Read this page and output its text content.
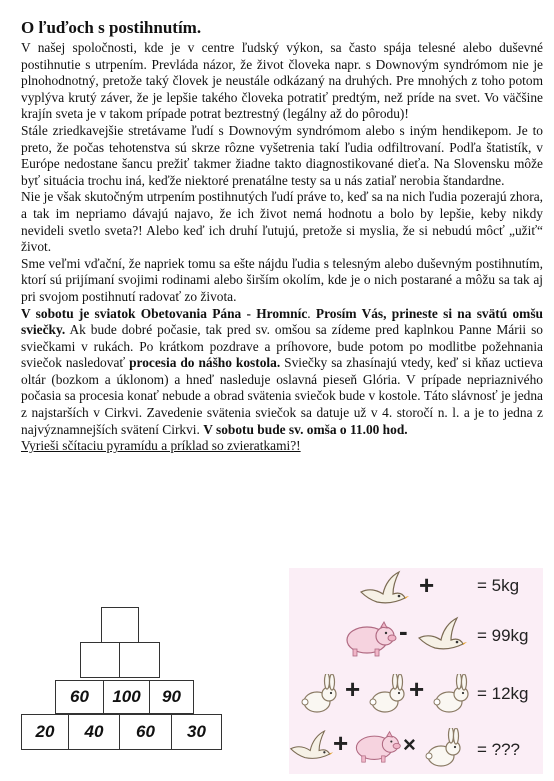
O ľuďoch s postihnutím.

V našej spoločnosti, kde je v centre ľudský výkon, sa často spája telesné alebo duševné postihnutie s utrpením. Prevláda názor, že život človeka napr. s Downovým syndrómom nie je plnohodnotný, pretože taký človek je neustále odkázaný na druhých. Pre mnohých z toho potom vyplýva krutý záver, že je lepšie takého človeka potratiť predtým, než príde na svet. Vo väčšine krajín sveta je v takom prípade potrat beztrestný (legálny až do pôrodu)!

Stále zriedkavejšie stretávame ľudí s Downovým syndrómom alebo s iným hendikepom. Je to preto, že počas tehotenstva sú skrze rôzne vyšetrenia takí ľudia odfiltrovaní. Podľa štatistík, v Európe nedostane šancu prežiť takmer žiadne takto diagnostikované dieťa. Na Slovensku môže byť situácia trochu iná, keďže niektoré prenatálne testy sa u nás zatiaľ nerobia štandardne.

Nie je však skutočným utrpením postihnutých ľudí práve to, keď sa na nich ľudia pozerajú zhora, a tak im nepriamo dávajú najavo, že ich život nemá hodnotu a bolo by lepšie, keby nikdy nevideli svetlo sveta?! Alebo keď ich druhí ľutujú, pretože si myslia, že si nebudú môcť „užiť“ život.

Sme veľmi vďační, že napriek tomu sa ešte nájdu ľudia s telesným alebo duševným postihnutím, ktorí sú prijímaní svojimi rodinami alebo širším okolím, kde je o nich postarané a môžu sa tak aj pri svojom postihnutí radovať zo života.

V sobotu je sviatok Obetovania Pána - Hromníc. Prosím Vás, prineste si na svätú omšu sviečky. Ak bude dobré počasie, tak pred sv. omšou sa zídeme pred kaplnkou Panne Márii so sviečkami v rukách. Po krátkom pozdrave a príhovore, bude potom po modlitbe požehnania sviečok nasledovať procesia do nášho kostola. Sviečky sa zhasínajú vtedy, keď si kňaz uctieva oltár (bozkom a úklonom) a hneď nasleduje oslavná pieseň Glória. V prípade nepriaznivého počasia sa procesia konať nebude a obrad svätenia sviečok bude v kostole. Táto slávnosť je jedna z najstarších v Cirkvi. Zavedenie svätenia sviečok sa datuje už v 4. storočí n. l. a je to jedna z najvýznamnejších svätení Cirkvi. V sobotu bude sv. omša o 11.00 hod.

Vyrieši sčítaciu pyramídu a príklad so zvieratkami?!

60	100	90
20	40	60	30
+	= 5kg
-	= 99kg
+ +	= 12kg
+ ×	= ???
